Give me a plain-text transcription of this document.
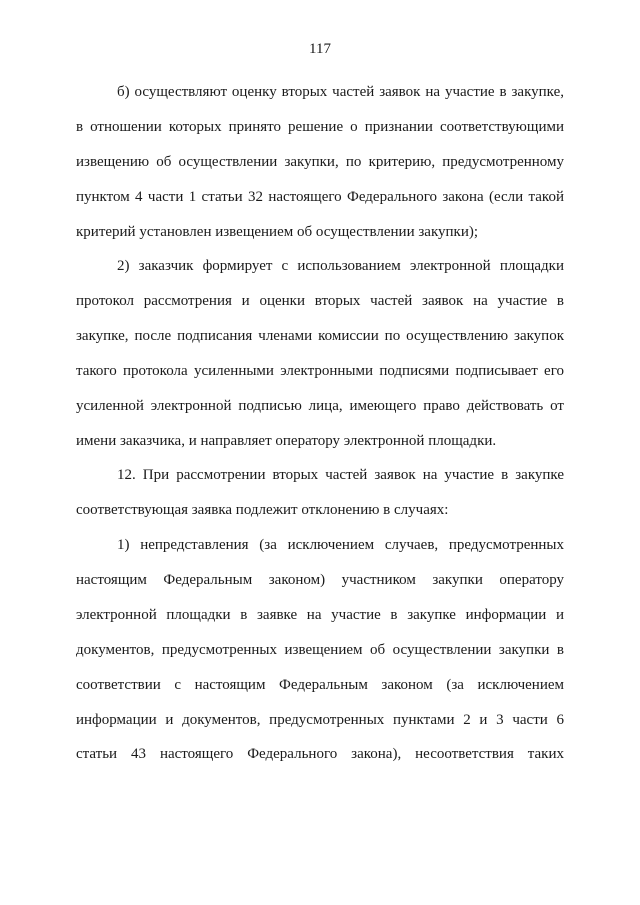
117
б) осуществляют оценку вторых частей заявок на участие в закупке,
в отношении которых принято решение о признании соответствующими
извещению об осуществлении закупки, по критерию, предусмотренному
пунктом 4 части 1 статьи 32 настоящего Федерального закона (если такой
критерий установлен извещением об осуществлении закупки);
2) заказчик формирует с использованием электронной площадки
протокол рассмотрения и оценки вторых частей заявок на участие в
закупке, после подписания членами комиссии по осуществлению закупок
такого протокола усиленными электронными подписями подписывает его
усиленной электронной подписью лица, имеющего право действовать от
имени заказчика, и направляет оператору электронной площадки.
12. При рассмотрении вторых частей заявок на участие в закупке
соответствующая заявка подлежит отклонению в случаях:
1) непредставления (за исключением случаев, предусмотренных
настоящим Федеральным законом) участником закупки оператору
электронной площадки в заявке на участие в закупке информации и
документов, предусмотренных извещением об осуществлении закупки в
соответствии с настоящим Федеральным законом (за исключением
информации и документов, предусмотренных пунктами 2 и 3 части 6
статьи 43 настоящего Федерального закона), несоответствия таких
